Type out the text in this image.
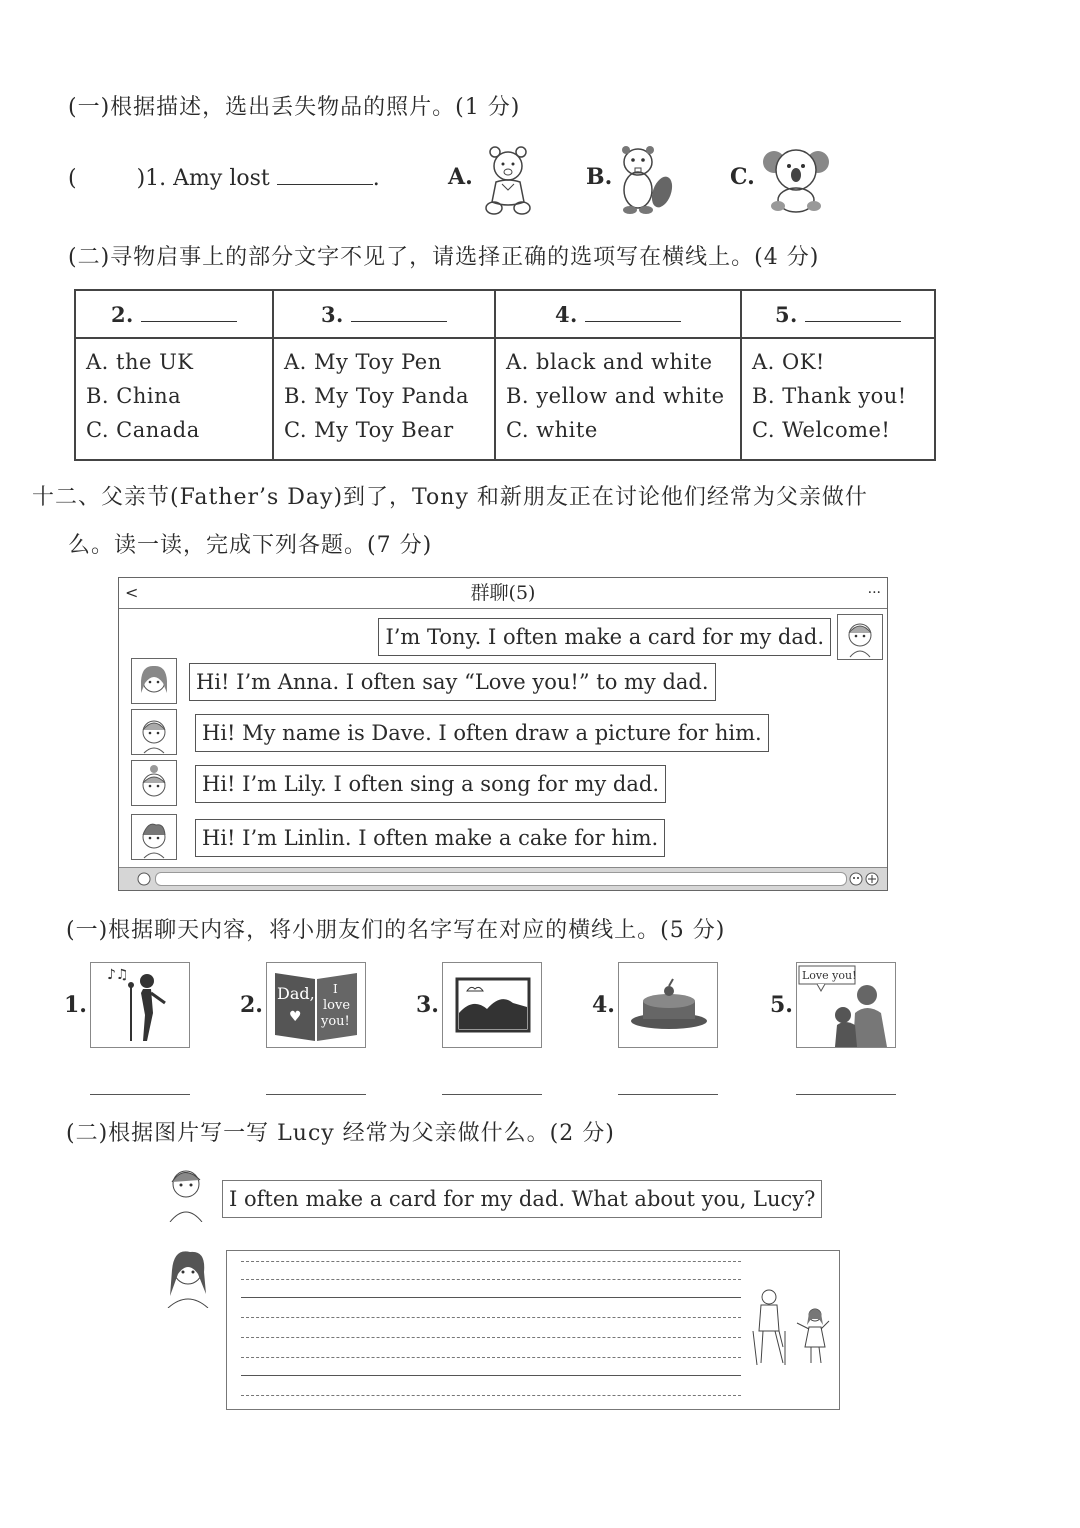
(一)根据描述，选出丢失物品的照片。(1 分)
(	)1. Amy lost	.	A.	B.	C.
(二)寻物启事上的部分文字不见了，请选择正确的选项写在横线上。(4 分)
2.	3.	4.	5.

A. the UK
B. China
C. Canada	A. My Toy Pen
B. My Toy Panda
C. My Toy Bear	A. black and white
B. yellow and white
C. white	A. OK!
B. Thank you!
C. Welcome!
十二、父亲节(Father’s Day)到了，Tony 和新朋友正在讨论他们经常为父亲做什
么。读一读，完成下列各题。(7 分)
<	群聊(5)	...
I’m Tony. I often make a card for my dad.
Hi! I’m Anna. I often say “Love you!” to my dad.
Hi! My name is Dave. I often draw a picture for him.
Hi! I’m Lily. I often sing a song for my dad.
Hi! I’m Linlin. I often make a cake for him.
(一)根据聊天内容，将小朋友们的名字写在对应的横线上。(5 分)
1.
♪♫
2. Dad,
♥
I
love
you!
3.	4.	5.
Love you!
(二)根据图片写一写 Lucy 经常为父亲做什么。(2 分)
I often make a card for my dad. What about you, Lucy?
